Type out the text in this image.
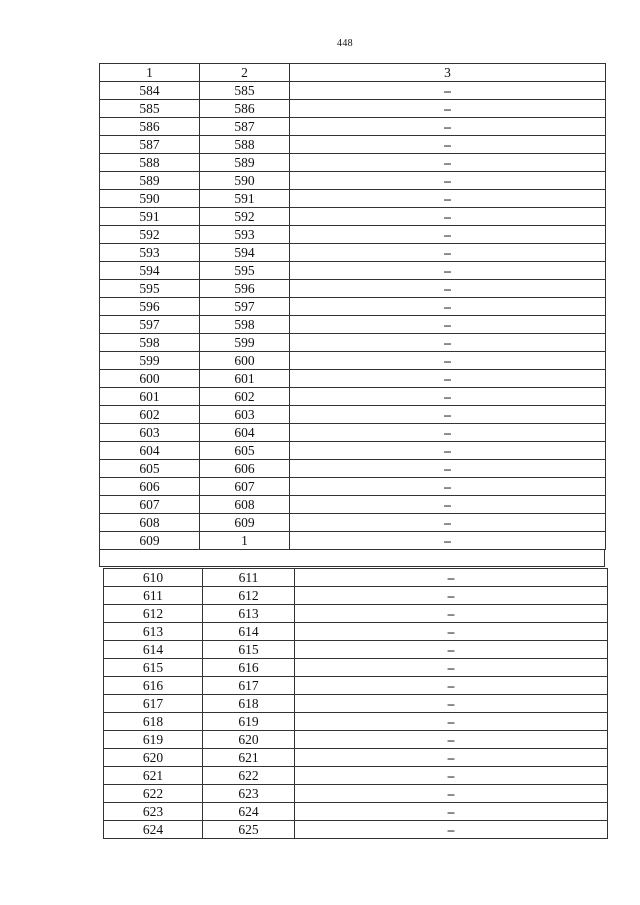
448
1	2	3
584	585	–
585	586	–
586	587	–
587	588	–
588	589	–
589	590	–
590	591	–
591	592	–
592	593	–
593	594	–
594	595	–
595	596	–
596	597	–
597	598	–
598	599	–
599	600	–
600	601	–
601	602	–
602	603	–
603	604	–
604	605	–
605	606	–
606	607	–
607	608	–
608	609	–
609	1	–
610	611	–
611	612	–
612	613	–
613	614	–
614	615	–
615	616	–
616	617	–
617	618	–
618	619	–
619	620	–
620	621	–
621	622	–
622	623	–
623	624	–
624	625	–
